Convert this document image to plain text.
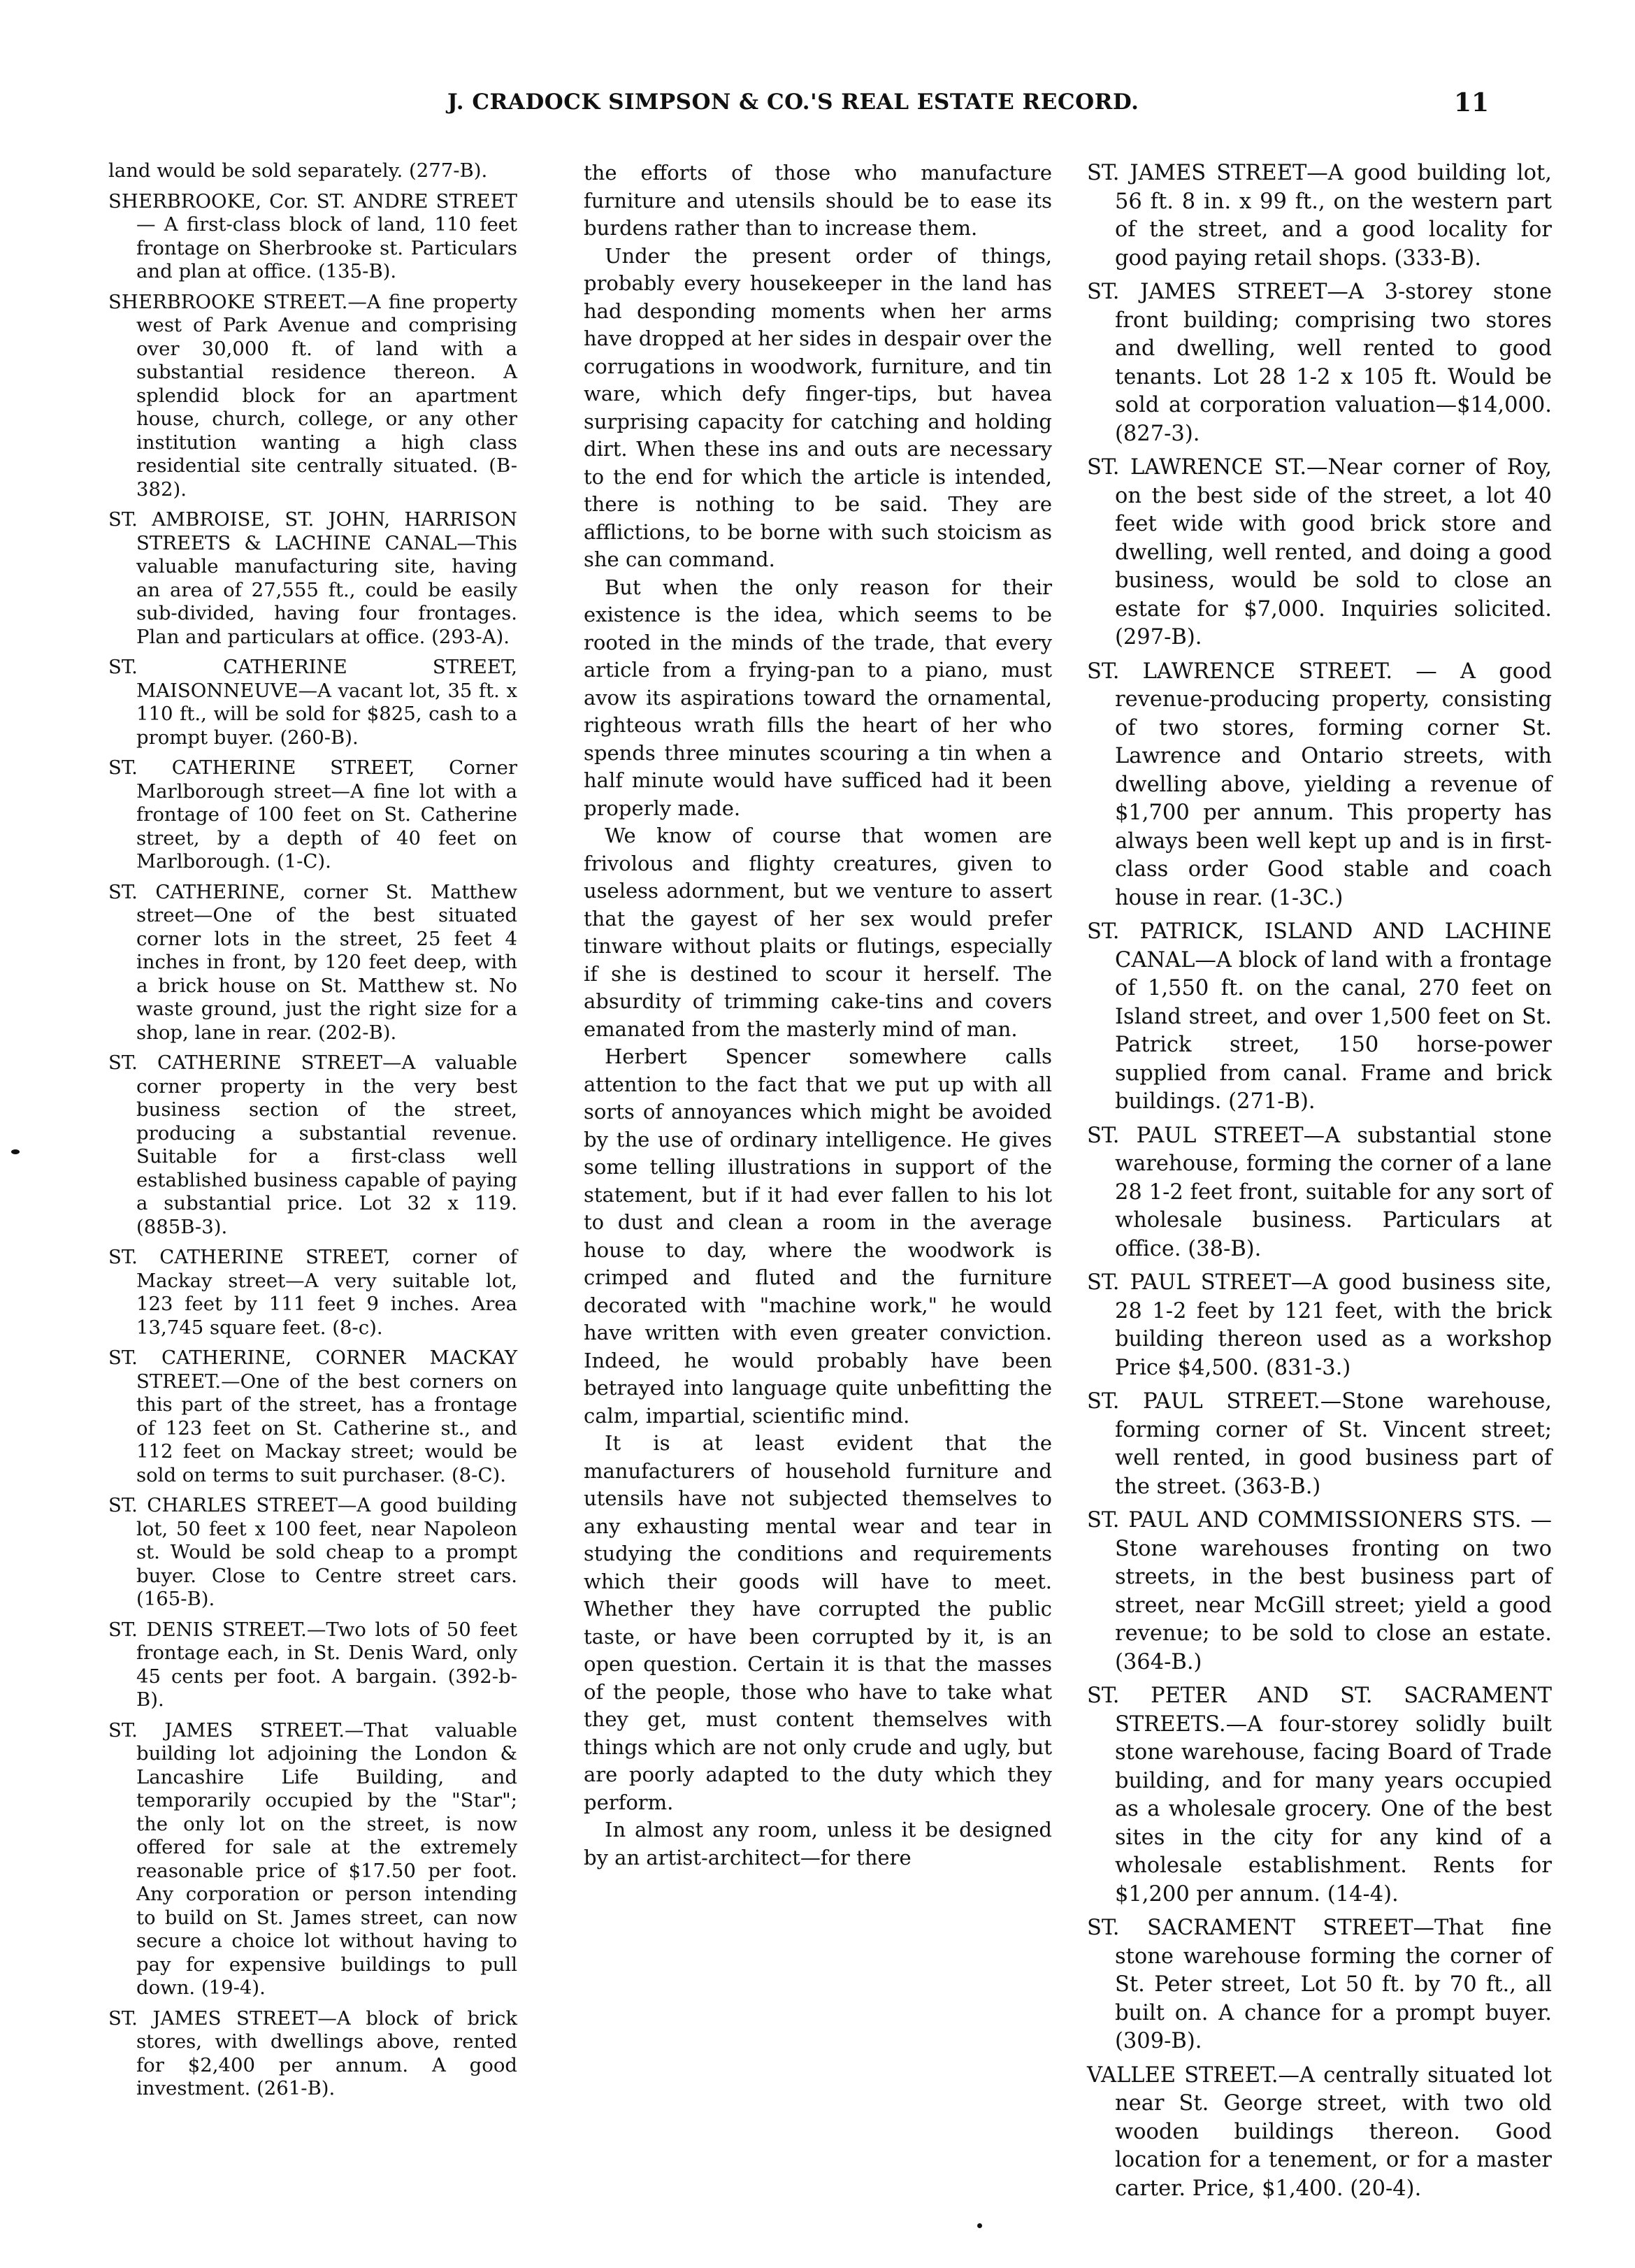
J. CRADOCK SIMPSON & CO.'S REAL ESTATE RECORD.	11

land would be sold separately. (277-B).

SHERBROOKE, Cor. ST. ANDRE STREET — A first-class block of land, 110 feet frontage on Sherbrooke st. Particulars and plan at office. (135-B).

SHERBROOKE STREET.—A fine property west of Park Avenue and comprising over 30,000 ft. of land with a substantial residence thereon. A splendid block for an apartment house, church, college, or any other institution wanting a high class residential site centrally situated. (B-382).

ST. AMBROISE, ST. JOHN, HARRISON STREETS & LACHINE CANAL—This valuable manufacturing site, having an area of 27,555 ft., could be easily sub-divided, having four frontages. Plan and particulars at office. (293-A).

ST. CATHERINE STREET, MAISONNEUVE—A vacant lot, 35 ft. x 110 ft., will be sold for $825, cash to a prompt buyer. (260-B).

ST. CATHERINE STREET, Corner Marlborough street—A fine lot with a frontage of 100 feet on St. Catherine street, by a depth of 40 feet on Marlborough. (1-C).

ST. CATHERINE, corner St. Matthew street—One of the best situated corner lots in the street, 25 feet 4 inches in front, by 120 feet deep, with a brick house on St. Matthew st. No waste ground, just the right size for a shop, lane in rear. (202-B).

ST. CATHERINE STREET—A valuable corner property in the very best business section of the street, producing a substantial revenue. Suitable for a first-class well established business capable of paying a substantial price. Lot 32 x 119. (885B-3).

ST. CATHERINE STREET, corner of Mackay street—A very suitable lot, 123 feet by 111 feet 9 inches. Area 13,745 square feet. (8-c).

ST. CATHERINE, CORNER MACKAY STREET.—One of the best corners on this part of the street, has a frontage of 123 feet on St. Catherine st., and 112 feet on Mackay street; would be sold on terms to suit purchaser. (8-C).

ST. CHARLES STREET—A good building lot, 50 feet x 100 feet, near Napoleon st. Would be sold cheap to a prompt buyer. Close to Centre street cars. (165-B).

ST. DENIS STREET.—Two lots of 50 feet frontage each, in St. Denis Ward, only 45 cents per foot. A bargain. (392-b-B).

ST. JAMES STREET.—That valuable building lot adjoining the London & Lancashire Life Building, and temporarily occupied by the "Star"; the only lot on the street, is now offered for sale at the extremely reasonable price of $17.50 per foot. Any corporation or person intending to build on St. James street, can now secure a choice lot without having to pay for expensive buildings to pull down. (19-4).

ST. JAMES STREET—A block of brick stores, with dwellings above, rented for $2,400 per annum. A good investment. (261-B).

the efforts of those who manufacture furniture and utensils should be to ease its burdens rather than to increase them.

Under the present order of things, probably every housekeeper in the land has had desponding moments when her arms have dropped at her sides in despair over the corrugations in woodwork, furniture, and tin ware, which defy finger-tips, but havea surprising capacity for catching and holding dirt. When these ins and outs are necessary to the end for which the article is intended, there is nothing to be said. They are afflictions, to be borne with such stoicism as she can command.

But when the only reason for their existence is the idea, which seems to be rooted in the minds of the trade, that every article from a frying-pan to a piano, must avow its aspirations toward the ornamental, righteous wrath fills the heart of her who spends three minutes scouring a tin when a half minute would have sufficed had it been properly made.

We know of course that women are frivolous and flighty creatures, given to useless adornment, but we venture to assert that the gayest of her sex would prefer tinware without plaits or flutings, especially if she is destined to scour it herself. The absurdity of trimming cake-tins and covers emanated from the masterly mind of man.

Herbert Spencer somewhere calls attention to the fact that we put up with all sorts of annoyances which might be avoided by the use of ordinary intelligence. He gives some telling illustrations in support of the statement, but if it had ever fallen to his lot to dust and clean a room in the average house to day, where the woodwork is crimped and fluted and the furniture decorated with "machine work," he would have written with even greater conviction. Indeed, he would probably have been betrayed into language quite unbefitting the calm, impartial, scientific mind.

It is at least evident that the manufacturers of household furniture and utensils have not subjected themselves to any exhausting mental wear and tear in studying the conditions and requirements which their goods will have to meet. Whether they have corrupted the public taste, or have been corrupted by it, is an open question. Certain it is that the masses of the people, those who have to take what they get, must content themselves with things which are not only crude and ugly, but are poorly adapted to the duty which they perform.

In almost any room, unless it be designed by an artist-architect—for there

ST. JAMES STREET—A good building lot, 56 ft. 8 in. x 99 ft., on the western part of the street, and a good locality for good paying retail shops. (333-B).

ST. JAMES STREET—A 3-storey stone front building; comprising two stores and dwelling, well rented to good tenants. Lot 28 1-2 x 105 ft. Would be sold at corporation valuation—$14,000. (827-3).

ST. LAWRENCE ST.—Near corner of Roy, on the best side of the street, a lot 40 feet wide with good brick store and dwelling, well rented, and doing a good business, would be sold to close an estate for $7,000. Inquiries solicited. (297-B).

ST. LAWRENCE STREET. — A good revenue-producing property, consisting of two stores, forming corner St. Lawrence and Ontario streets, with dwelling above, yielding a revenue of $1,700 per annum. This property has always been well kept up and is in first-class order Good stable and coach house in rear. (1-3C.)

ST. PATRICK, ISLAND AND LACHINE CANAL—A block of land with a frontage of 1,550 ft. on the canal, 270 feet on Island street, and over 1,500 feet on St. Patrick street, 150 horse-power supplied from canal. Frame and brick buildings. (271-B).

ST. PAUL STREET—A substantial stone warehouse, forming the corner of a lane 28 1-2 feet front, suitable for any sort of wholesale business. Particulars at office. (38-B).

ST. PAUL STREET—A good business site, 28 1-2 feet by 121 feet, with the brick building thereon used as a workshop Price $4,500. (831-3.)

ST. PAUL STREET.—Stone warehouse, forming corner of St. Vincent street; well rented, in good business part of the street. (363-B.)

ST. PAUL AND COMMISSIONERS STS. —Stone warehouses fronting on two streets, in the best business part of street, near McGill street; yield a good revenue; to be sold to close an estate. (364-B.)

ST. PETER AND ST. SACRAMENT STREETS.—A four-storey solidly built stone warehouse, facing Board of Trade building, and for many years occupied as a wholesale grocery. One of the best sites in the city for any kind of a wholesale establishment. Rents for $1,200 per annum. (14-4).

ST. SACRAMENT STREET—That fine stone warehouse forming the corner of St. Peter street, Lot 50 ft. by 70 ft., all built on. A chance for a prompt buyer. (309-B).

VALLEE STREET.—A centrally situated lot near St. George street, with two old wooden buildings thereon. Good location for a tenement, or for a master carter. Price, $1,400. (20-4).
